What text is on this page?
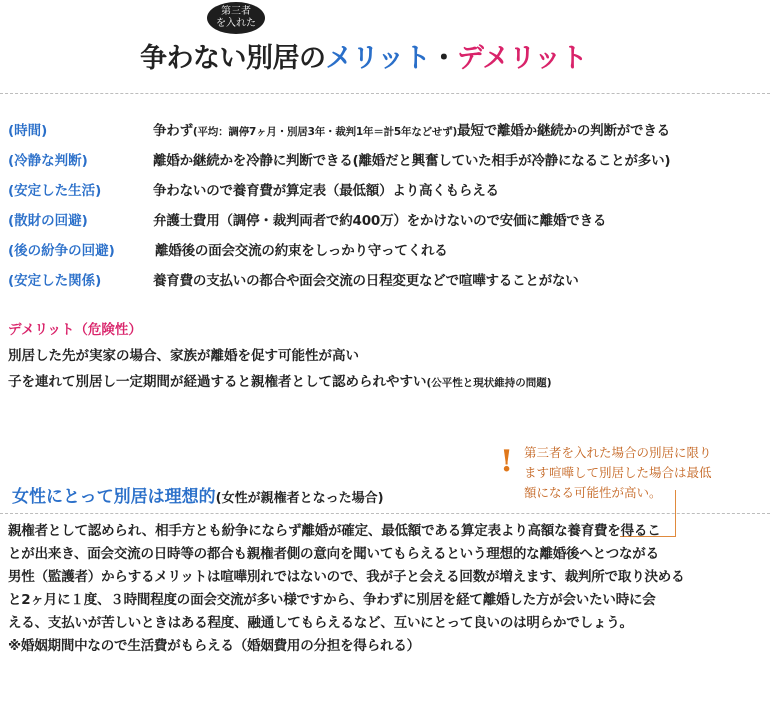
第三者
を入れた
争わない別居のメリット・デメリット
(時間)	争わず(平均：調停7ヶ月・別居3年・裁判1年＝計5年などせず)最短で離婚か継続かの判断ができる
(冷静な判断)	離婚か継続かを冷静に判断できる(離婚だと興奮していた相手が冷静になることが多い)
(安定した生活)	争わないので養育費が算定表（最低額）より高くもらえる
(散財の回避)	弁護士費用（調停・裁判両者で約400万）をかけないので安価に離婚できる
(後の紛争の回避)	離婚後の面会交流の約束をしっかり守ってくれる
(安定した関係)	養育費の支払いの都合や面会交流の日程変更などで喧嘩することがない
デメリット（危険性）
別居した先が実家の場合、家族が離婚を促す可能性が高い
子を連れて別居し一定期間が経過すると親権者として認められやすい(公平性と現状維持の問題)
! 第三者を入れた場合の別居に限り
ます喧嘩して別居した場合は最低
額になる可能性が高い。
女性にとって別居は理想的(女性が親権者となった場合)
親権者として認められ、相手方とも紛争にならず離婚が確定、最低額である算定表より高額な養育費を得るこ
とが出来き、面会交流の日時等の都合も親権者側の意向を聞いてもらえるという理想的な離婚後へとつながる
男性（監護者）からするメリットは喧嘩別れではないので、我が子と会える回数が増えます、裁判所で取り決める
と2ヶ月に１度、３時間程度の面会交流が多い様ですから、争わずに別居を経て離婚した方が会いたい時に会
える、支払いが苦しいときはある程度、融通してもらえるなど、互いにとって良いのは明らかでしょう。
※婚姻期間中なので生活費がもらえる（婚姻費用の分担を得られる）
